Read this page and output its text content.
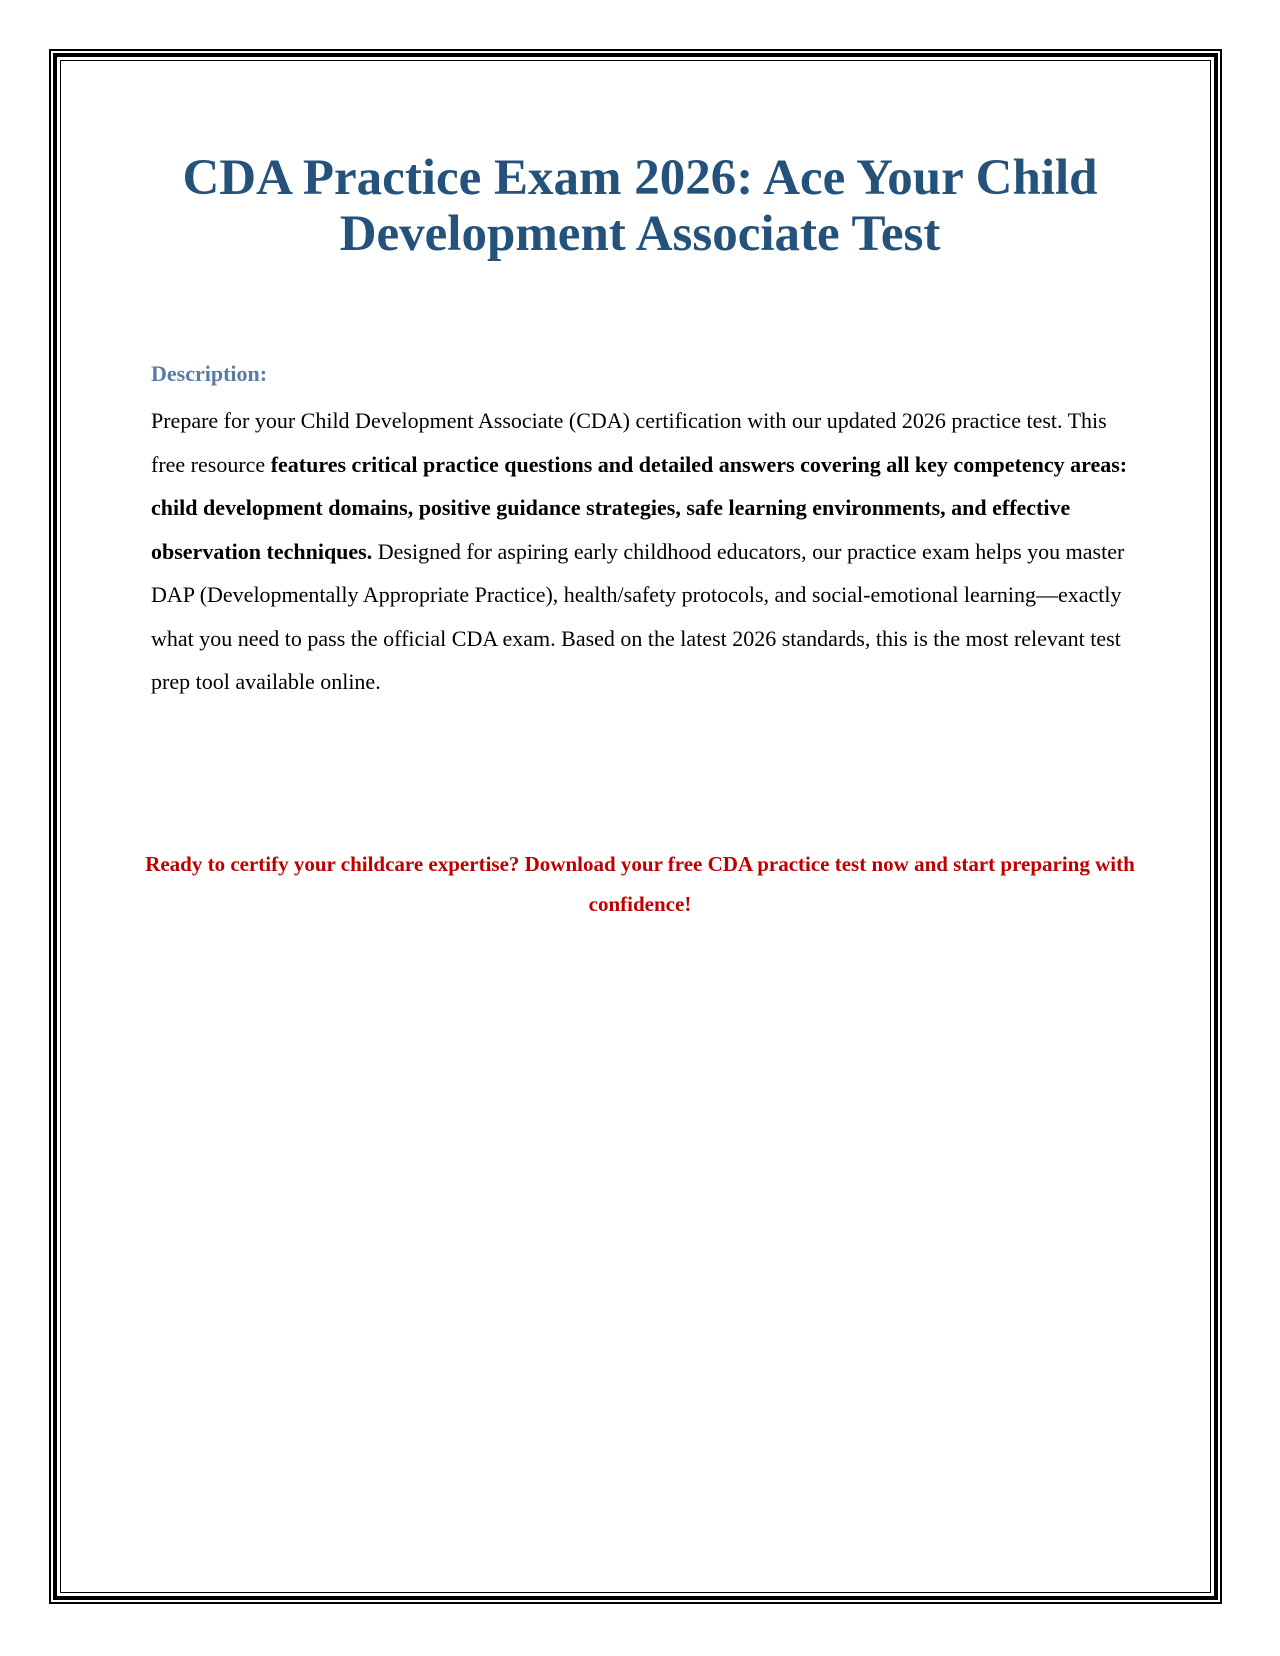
CDA Practice Exam 2026: Ace Your Child Development Associate Test

Description:

Prepare for your Child Development Associate (CDA) certification with our updated 2026 practice test. This free resource features critical practice questions and detailed answers covering all key competency areas: child development domains, positive guidance strategies, safe learning environments, and effective observation techniques. Designed for aspiring early childhood educators, our practice exam helps you master DAP (Developmentally Appropriate Practice), health/safety protocols, and social-emotional learning—exactly what you need to pass the official CDA exam. Based on the latest 2026 standards, this is the most relevant test prep tool available online.

Ready to certify your childcare expertise? Download your free CDA practice test now and start preparing with confidence!
